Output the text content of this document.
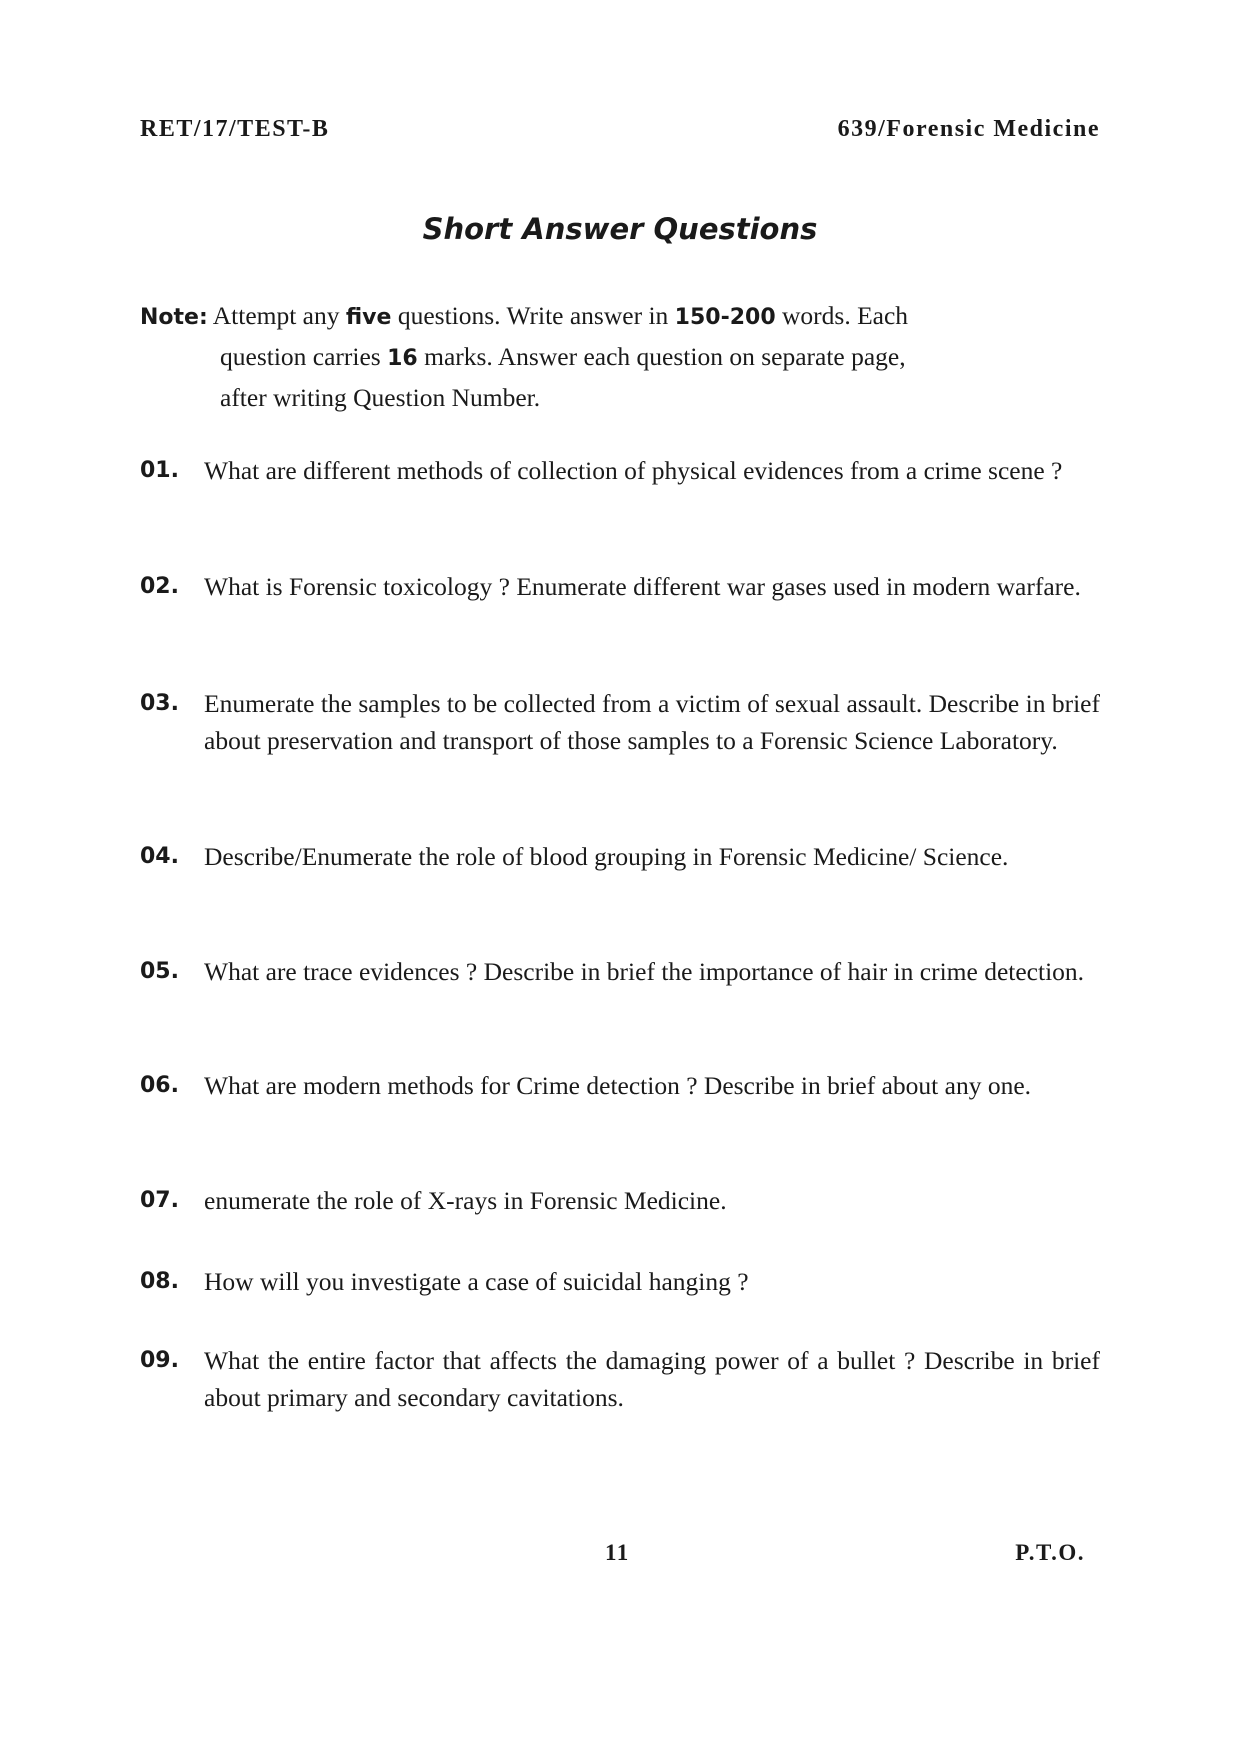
RET/17/TEST-B	639/Forensic Medicine
Short Answer Questions
Note: Attempt any five questions. Write answer in 150-200 words. Each
question carries 16 marks. Answer each question on separate page,
after writing Question Number.
01. What are different methods of collection of physical evidences from a crime scene ?
02. What is Forensic toxicology ? Enumerate different war gases used in modern warfare.
03. Enumerate the samples to be collected from a victim of sexual assault. Describe in brief about preservation and transport of those samples to a Forensic Science Laboratory.
04. Describe/Enumerate the role of blood grouping in Forensic Medicine/ Science.
05. What are trace evidences ? Describe in brief the importance of hair in crime detection.
06. What are modern methods for Crime detection ? Describe in brief about any one.
07. enumerate the role of X-rays in Forensic Medicine.
08. How will you investigate a case of suicidal hanging ?
09. What the entire factor that affects the damaging power of a bullet ? Describe in brief about primary and secondary cavitations.
11	P.T.O.
